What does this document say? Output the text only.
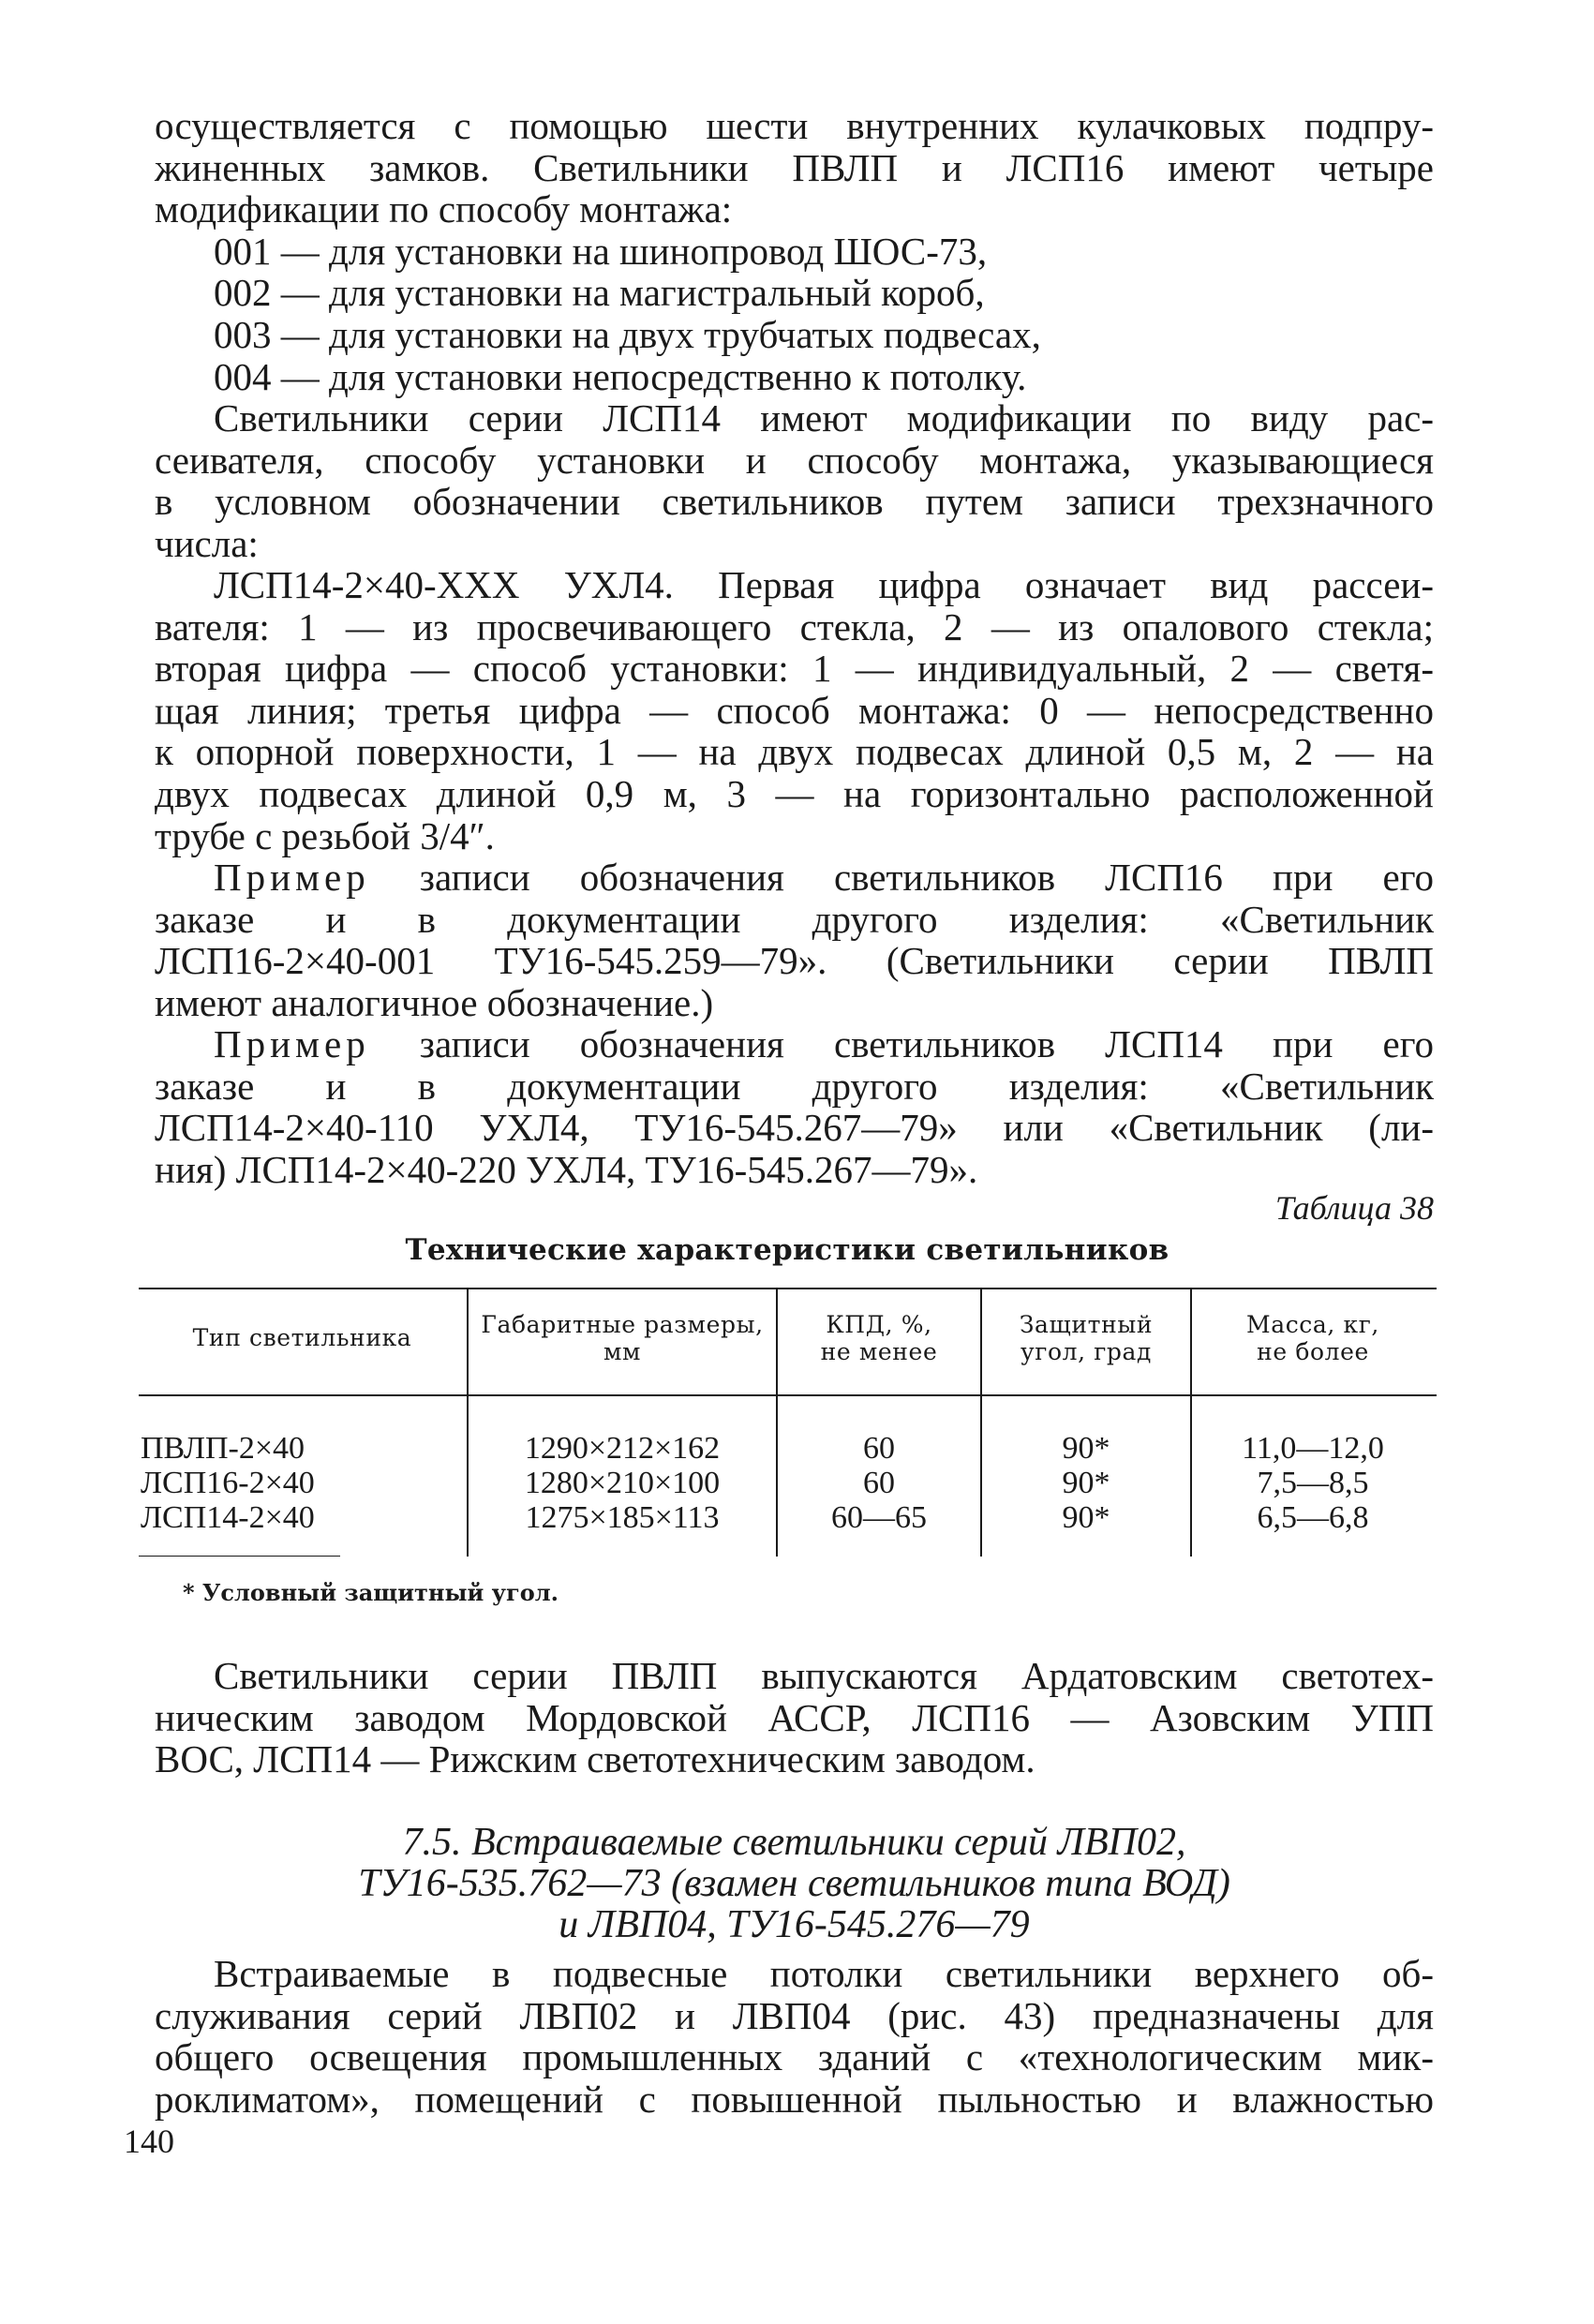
осуществляется с помощью шести внутренних кулачковых подпру-
жиненных замков. Светильники ПВЛП и ЛСП16 имеют четыре
модификации по способу монтажа:
001 — для установки на шинопровод ШОС-73,
002 — для установки на магистральный короб,
003 — для установки на двух трубчатых подвесах,
004 — для установки непосредственно к потолку.
Светильники серии ЛСП14 имеют модификации по виду рас-
сеивателя, способу установки и способу монтажа, указывающиеся
в условном обозначении светильников путем записи трехзначного
числа:
ЛСП14-2×40-XXX УХЛ4. Первая цифра означает вид рассеи-
вателя: 1 — из просвечивающего стекла, 2 — из опалового стекла;
вторая цифра — способ установки: 1 — индивидуальный, 2 — светя-
щая линия; третья цифра — способ монтажа: 0 — непосредственно
к опорной поверхности, 1 — на двух подвесах длиной 0,5 м, 2 — на
двух подвесах длиной 0,9 м, 3 — на горизонтально расположенной
трубе с резьбой 3/4″.
Пример записи обозначения светильников ЛСП16 при его
заказе и в документации другого изделия: «Светильник
ЛСП16-2×40-001 ТУ16-545.259—79». (Светильники серии ПВЛП
имеют аналогичное обозначение.)
Пример записи обозначения светильников ЛСП14 при его
заказе и в документации другого изделия: «Светильник
ЛСП14-2×40-110 УХЛ4, ТУ16-545.267—79» или «Светильник (ли-
ния) ЛСП14-2×40-220 УХЛ4, ТУ16-545.267—79».
Таблица 38
Технические характеристики светильников
Тип светильника	Габаритные размеры,
мм
КПД, %,
не менее
Защитный
угол, град
Масса, кг,
не более
ПВЛП-2×40
ЛСП16-2×40
ЛСП14-2×40
1290×212×162
1280×210×100
1275×185×113
60
60
60—65
90*
90*
90*
11,0—12,0
7,5—8,5
6,5—6,8
* Условный защитный угол.
Светильники серии ПВЛП выпускаются Ардатовским светотех-
ническим заводом Мордовской АССР, ЛСП16 — Азовским УПП
ВОС, ЛСП14 — Рижским светотехническим заводом.
7.5. Встраиваемые светильники серий ЛВП02,
ТУ16-535.762—73 (взамен светильников типа ВОД)
и ЛВП04, ТУ16-545.276—79
Встраиваемые в подвесные потолки светильники верхнего об-
служивания серий ЛВП02 и ЛВП04 (рис. 43) предназначены для
общего освещения промышленных зданий с «технологическим мик-
роклиматом», помещений с повышенной пыльностью и влажностью
140
